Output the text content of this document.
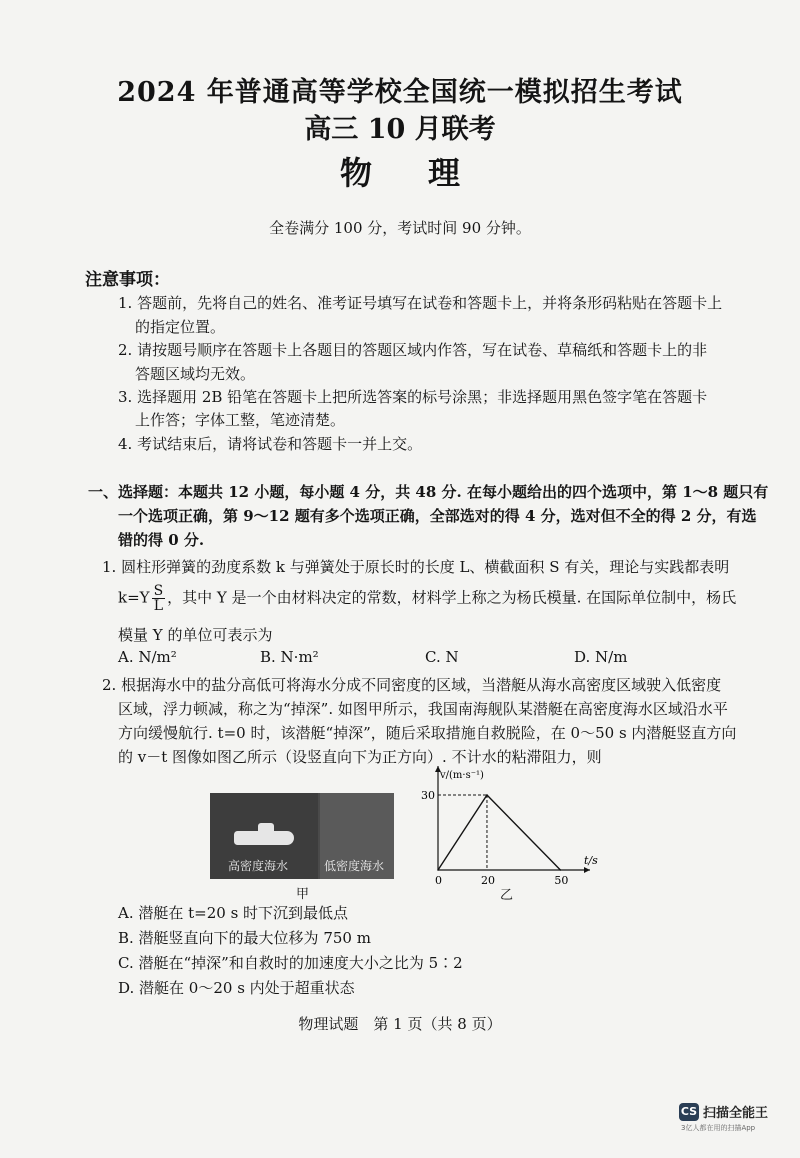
2024 年普通高等学校全国统一模拟招生考试
高三 10 月联考
物 理
全卷满分 100 分，考试时间 90 分钟。
注意事项：
1. 答题前，先将自己的姓名、准考证号填写在试卷和答题卡上，并将条形码粘贴在答题卡上
的指定位置。
2. 请按题号顺序在答题卡上各题目的答题区域内作答，写在试卷、草稿纸和答题卡上的非
答题区域均无效。
3. 选择题用 2B 铅笔在答题卡上把所选答案的标号涂黑；非选择题用黑色签字笔在答题卡
上作答；字体工整，笔迹清楚。
4. 考试结束后，请将试卷和答题卡一并上交。
一、选择题：本题共 12 小题，每小题 4 分，共 48 分. 在每小题给出的四个选项中，第 1～8 题只有
一个选项正确，第 9～12 题有多个选项正确，全部选对的得 4 分，选对但不全的得 2 分，有选
错的得 0 分.
1. 圆柱形弹簧的劲度系数 k 与弹簧处于原长时的长度 L、横截面积 S 有关，理论与实践都表明
$k=Y \frac{S}{L}$ ，其中 Y 是一个由材料决定的常数，材料学上称之为杨氏模量. 在国际单位制中，杨氏
模量 Y 的单位可表示为
A. N/m²	B. N·m²	C. N	D. N/m
2. 根据海水中的盐分高低可将海水分成不同密度的区域，当潜艇从海水高密度区域驶入低密度
区域，浮力顿减，称之为“掉深”. 如图甲所示，我国南海舰队某潜艇在高密度海水区域沿水平
方向缓慢航行. t=0 时，该潜艇“掉深”，随后采取措施自救脱险，在 0～50 s 内潜艇竖直方向
的 v－t 图像如图乙所示（设竖直向下为正方向）. 不计水的粘滞阻力，则
高密度海水	低密度海水
甲
t/s
v/(m·s⁻¹)
0	20	50
30
乙
A. 潜艇在 t=20 s 时下沉到最低点
B. 潜艇竖直向下的最大位移为 750 m
C. 潜艇在“掉深”和自救时的加速度大小之比为 5∶2
D. 潜艇在 0～20 s 内处于超重状态
物理试题　第 1 页（共 8 页）
CS 扫描全能王
3亿人都在用的扫描App
